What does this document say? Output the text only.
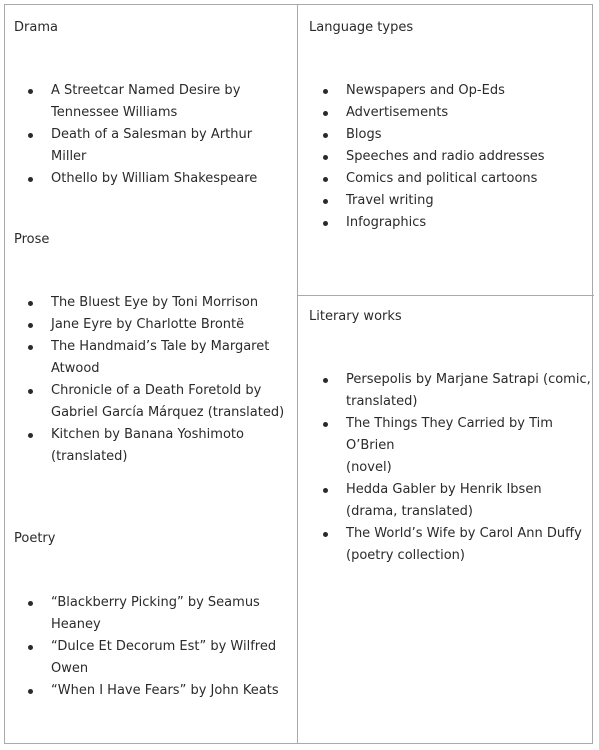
Drama
A Streetcar Named Desire by
Tennessee Williams
Death of a Salesman by Arthur Miller
Othello by William Shakespeare
Prose
The Bluest Eye by Toni Morrison
Jane Eyre by Charlotte Brontë
The Handmaid’s Tale by Margaret
Atwood
Chronicle of a Death Foretold by
Gabriel García Márquez (translated)
Kitchen by Banana Yoshimoto
(translated)
Poetry
“Blackberry Picking” by Seamus
Heaney
“Dulce Et Decorum Est” by Wilfred
Owen
“When I Have Fears” by John Keats
Language types
Newspapers and Op-Eds
Advertisements
Blogs
Speeches and radio addresses
Comics and political cartoons
Travel writing
Infographics
Literary works
Persepolis by Marjane Satrapi (comic,
translated)
The Things They Carried by Tim O’Brien
(novel)
Hedda Gabler by Henrik Ibsen
(drama, translated)
The World’s Wife by Carol Ann Duffy
(poetry collection)
